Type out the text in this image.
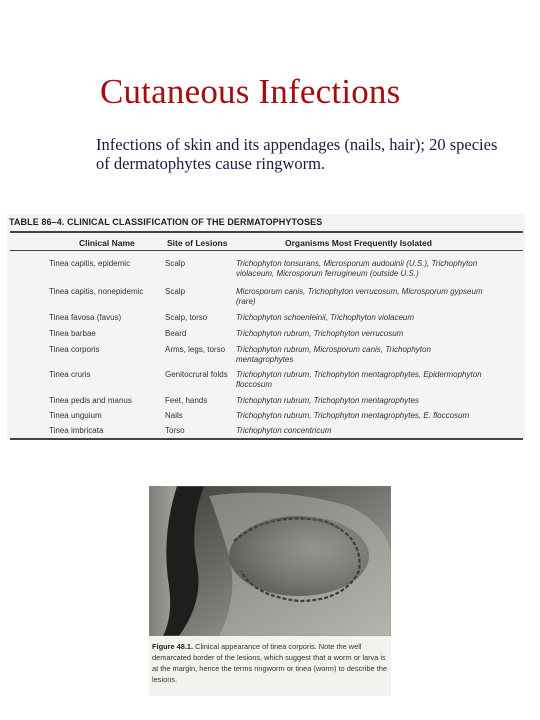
Cutaneous Infections
Infections of skin and its appendages (nails, hair); 20 species of dermatophytes cause ringworm.
TABLE 86–4. CLINICAL CLASSIFICATION OF THE DERMATOPHYTOSES
Clinical Name	Site of Lesions	Organisms Most Frequently Isolated
Tinea capitis, epidemic	Scalp	Trichophyton tonsurans, Microsporum audouinii (U.S.), Trichophyton violaceum, Microsporum ferrugineum (outside U.S.)
Tinea capitis, nonepidemic	Scalp	Microsporum canis, Trichophyton verrucosum, Microsporum gypseum (rare)
Tinea favosa (favus)	Scalp, torso	Trichophyton schoenleinii, Trichophyton violaceum
Tinea barbae	Beard	Trichophyton rubrum, Trichophyton verrucosum
Tinea corporis	Arms, legs, torso	Trichophyton rubrum, Microsporum canis, Trichophyton mentagrophytes
Tinea cruris	Genitocrural folds	Trichophyton rubrum, Trichophyton mentagrophytes, Epidermophyton floccosum
Tinea pedis and manus	Feet, hands	Trichophyton rubrum, Trichophyton mentagrophytes
Tinea unguium	Nails	Trichophyton rubrum, Trichophyton mentagrophytes, E. floccosum
Tinea imbricata	Torso	Trichophyton concentricum
Figure 48.1. Clinical appearance of tinea corporis. Note the well demarcated border of the lesions, which suggest that a worm or larva is at the margin, hence the terms ringworm or tinea (worm) to describe the lesions.
